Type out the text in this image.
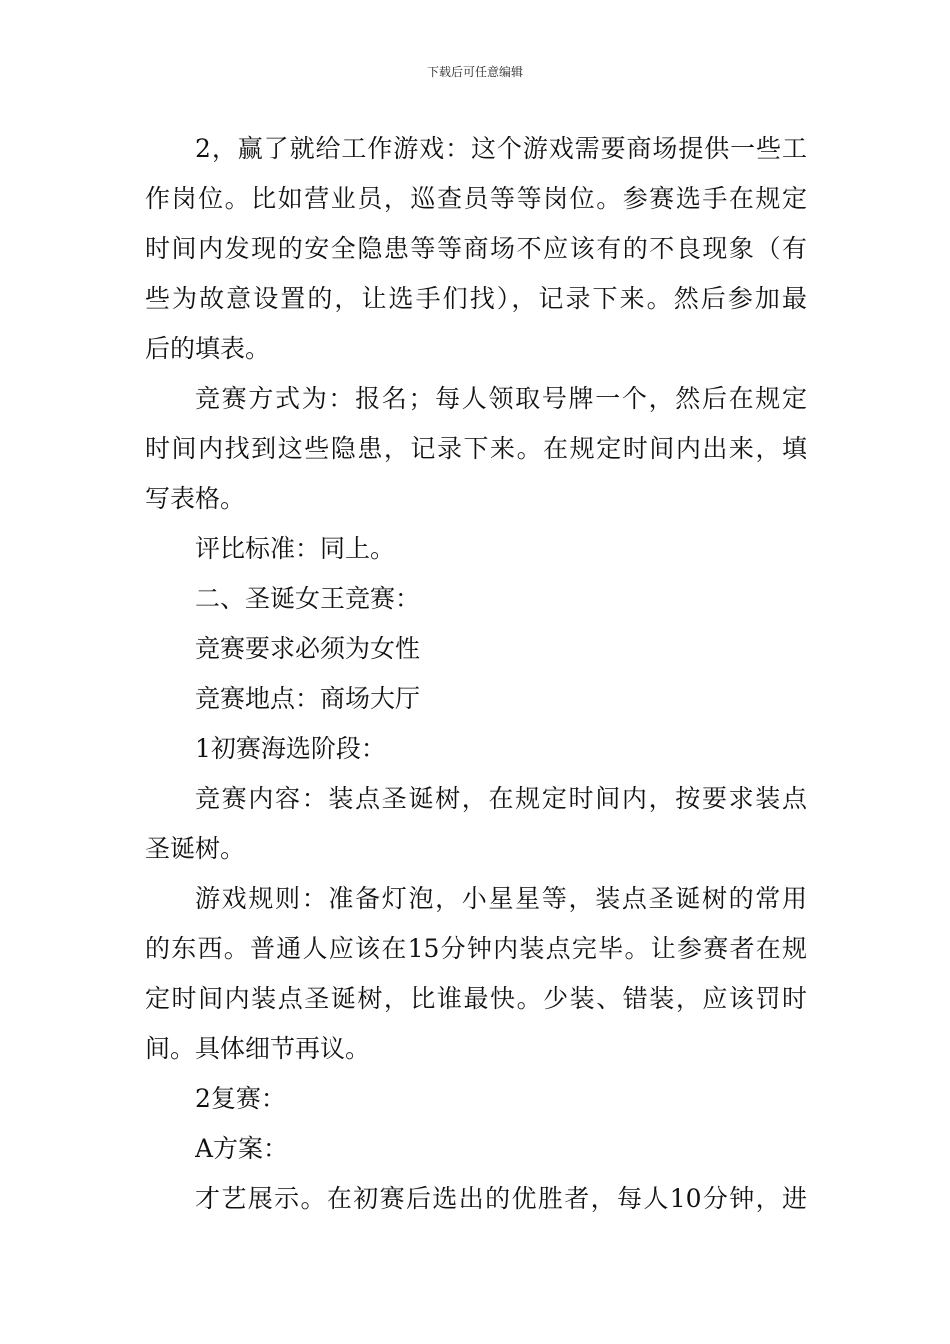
下载后可任意编辑
2，赢了就给工作游戏：这个游戏需要商场提供一些工
作岗位。比如营业员，巡查员等等岗位。参赛选手在规定
时间内发现的安全隐患等等商场不应该有的不良现象（有
些为故意设置的，让选手们找），记录下来。然后参加最
后的填表。
竞赛方式为：报名；每人领取号牌一个，然后在规定
时间内找到这些隐患，记录下来。在规定时间内出来，填
写表格。
评比标准：同上。
二、圣诞女王竞赛：
竞赛要求必须为女性
竞赛地点：商场大厅
1初赛海选阶段：
竞赛内容：装点圣诞树，在规定时间内，按要求装点
圣诞树。
游戏规则：准备灯泡，小星星等，装点圣诞树的常用
的东西。普通人应该在15分钟内装点完毕。让参赛者在规
定时间内装点圣诞树，比谁最快。少装、错装，应该罚时
间。具体细节再议。
2复赛：
A方案：
才艺展示。在初赛后选出的优胜者，每人10分钟，进
